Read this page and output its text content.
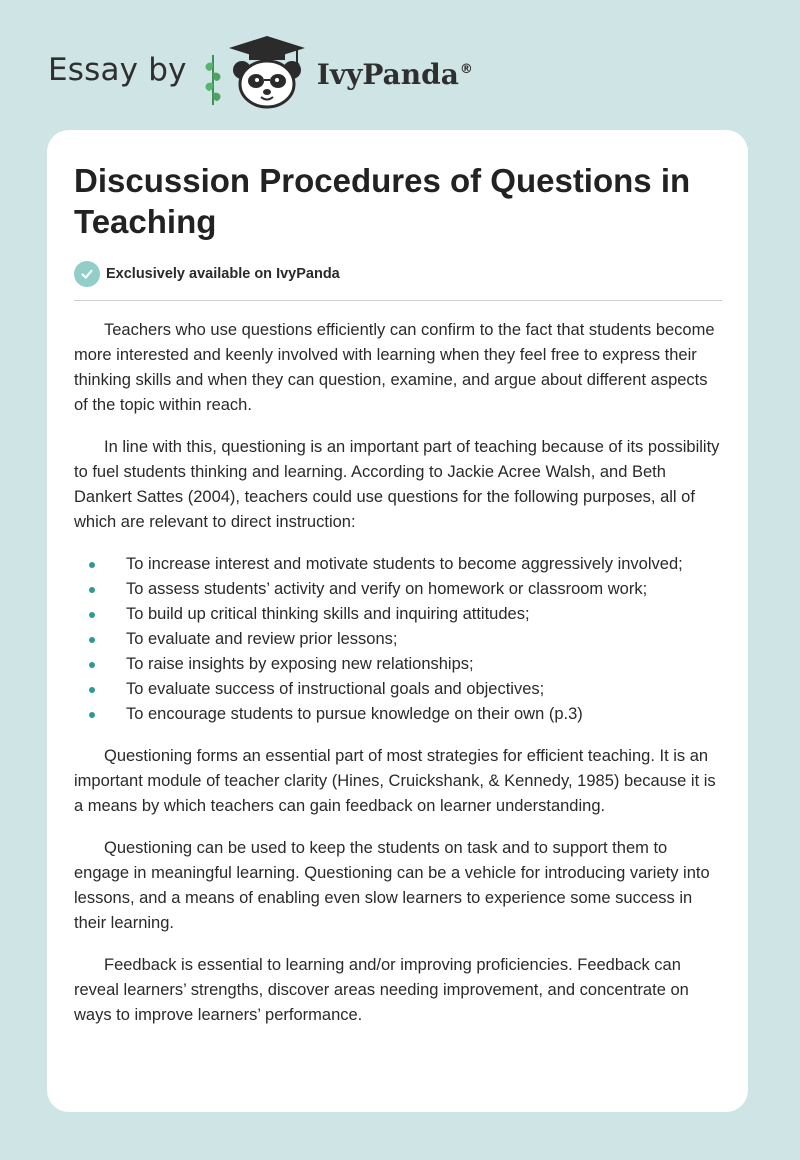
Essay by	IvyPanda®
Discussion Procedures of Questions in Teaching
Exclusively available on IvyPanda

Teachers who use questions efficiently can confirm to the fact that students become more interested and keenly involved with learning when they feel free to express their thinking skills and when they can question, examine, and argue about different aspects of the topic within reach.

In line with this, questioning is an important part of teaching because of its possibility to fuel students thinking and learning. According to Jackie Acree Walsh, and Beth Dankert Sattes (2004), teachers could use questions for the following purposes, all of which are relevant to direct instruction:

To increase interest and motivate students to become aggressively involved;
To assess students’ activity and verify on homework or classroom work;
To build up critical thinking skills and inquiring attitudes;
To evaluate and review prior lessons;
To raise insights by exposing new relationships;
To evaluate success of instructional goals and objectives;
To encourage students to pursue knowledge on their own (p.3)

Questioning forms an essential part of most strategies for efficient teaching. It is an important module of teacher clarity (Hines, Cruickshank, & Kennedy, 1985) because it is a means by which teachers can gain feedback on learner understanding.

Questioning can be used to keep the students on task and to support them to engage in meaningful learning. Questioning can be a vehicle for introducing variety into lessons, and a means of enabling even slow learners to experience some success in their learning.

Feedback is essential to learning and/or improving proficiencies. Feedback can reveal learners’ strengths, discover areas needing improvement, and concentrate on ways to improve learners’ performance.
